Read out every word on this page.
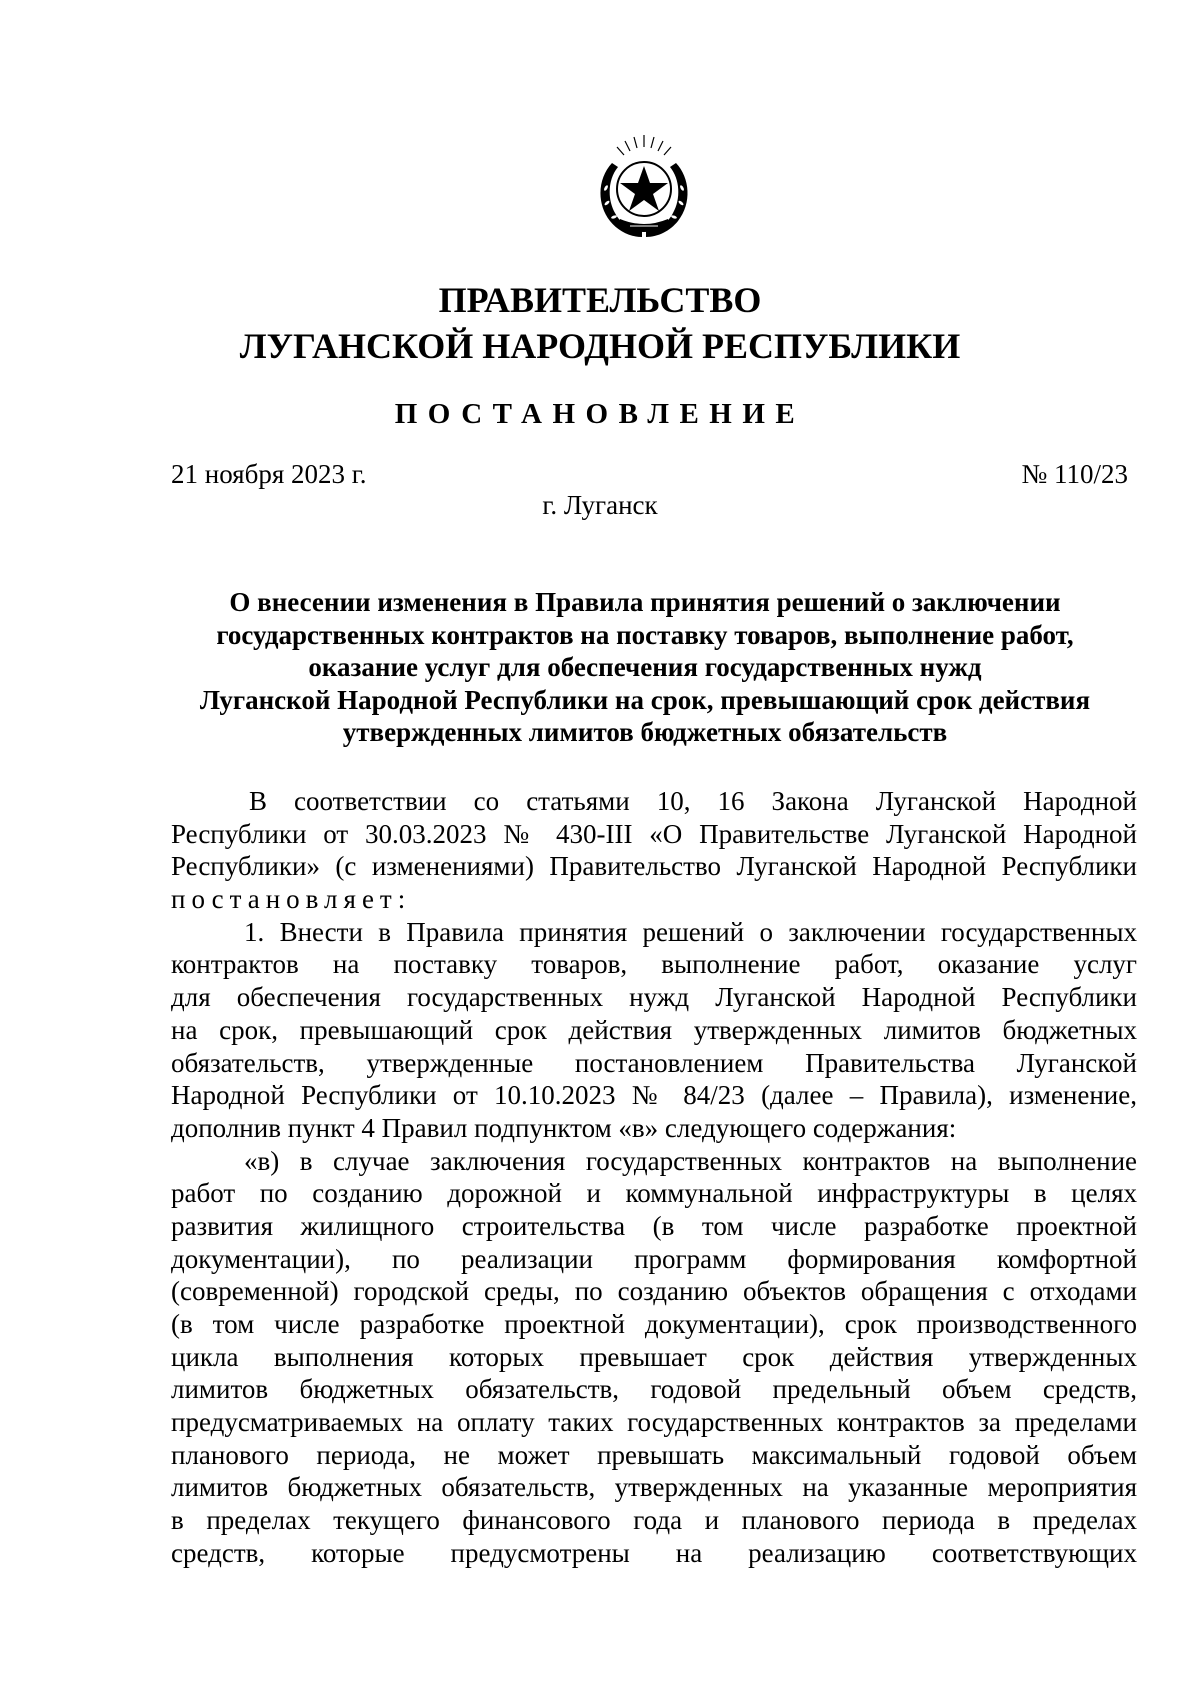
ПРАВИТЕЛЬСТВО
ЛУГАНСКОЙ НАРОДНОЙ РЕСПУБЛИКИ
ПОСТАНОВЛЕНИЕ
21 ноября 2023 г.	№ 110/23
г. Луганск
О внесении изменения в Правила принятия решений о заключении
государственных контрактов на поставку товаров, выполнение работ,
оказание услуг для обеспечения государственных нужд
Луганской Народной Республики на срок, превышающий срок действия
утвержденных лимитов бюджетных обязательств
В соответствии со статьями 10, 16 Закона Луганской Народной
Республики от 30.03.2023 № 430-III «О Правительстве Луганской Народной
Республики» (с изменениями) Правительство Луганской Народной Республики
постановляет:
1. Внести в Правила принятия решений о заключении государственных
контрактов на поставку товаров, выполнение работ, оказание услуг
для обеспечения государственных нужд Луганской Народной Республики
на срок, превышающий срок действия утвержденных лимитов бюджетных
обязательств, утвержденные постановлением Правительства Луганской
Народной Республики от 10.10.2023 № 84/23 (далее – Правила), изменение,
дополнив пункт 4 Правил подпунктом «в» следующего содержания:
«в) в случае заключения государственных контрактов на выполнение
работ по созданию дорожной и коммунальной инфраструктуры в целях
развития жилищного строительства (в том числе разработке проектной
документации), по реализации программ формирования комфортной
(современной) городской среды, по созданию объектов обращения с отходами
(в том числе разработке проектной документации), срок производственного
цикла выполнения которых превышает срок действия утвержденных
лимитов бюджетных обязательств, годовой предельный объем средств,
предусматриваемых на оплату таких государственных контрактов за пределами
планового периода, не может превышать максимальный годовой объем
лимитов бюджетных обязательств, утвержденных на указанные мероприятия
в пределах текущего финансового года и планового периода в пределах
средств, которые предусмотрены на реализацию соответствующих
